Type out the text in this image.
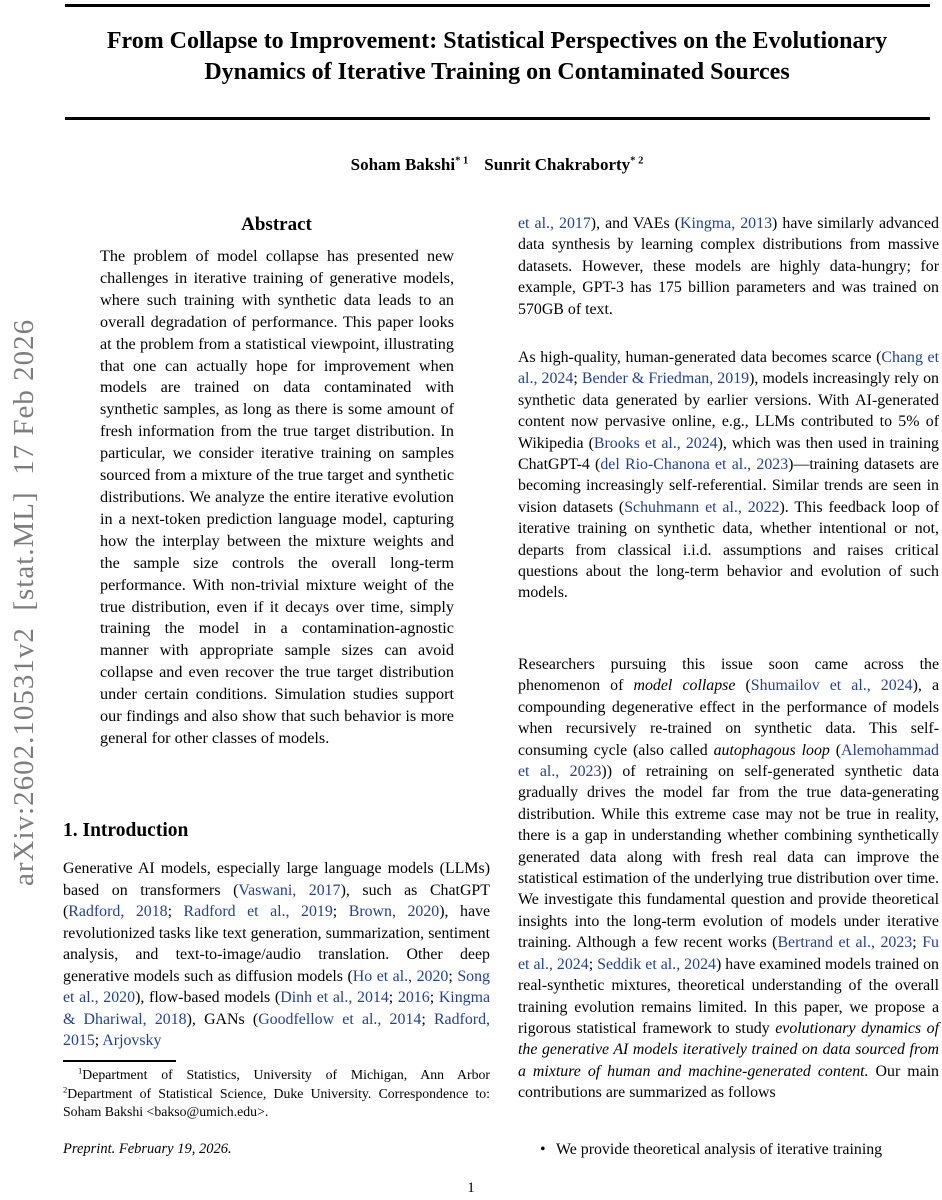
arXiv:2602.10531v2  [stat.ML]  17 Feb 2026
From Collapse to Improvement: Statistical Perspectives on the Evolutionary
Dynamics of Iterative Training on Contaminated Sources
Soham Bakshi$^{* 1}$ Sunrit Chakraborty$^{* 2}$
Abstract
The problem of model collapse has presented new challenges in iterative training of generative models, where such training with synthetic data leads to an overall degradation of performance. This paper looks at the problem from a statistical viewpoint, illustrating that one can actually hope for improvement when models are trained on data contaminated with synthetic samples, as long as there is some amount of fresh information from the true target distribution. In particular, we consider iterative training on samples sourced from a mixture of the true target and synthetic distributions. We analyze the entire iterative evolution in a next-token prediction language model, capturing how the interplay between the mixture weights and the sample size controls the overall long-term performance. With non-trivial mixture weight of the true distribution, even if it decays over time, simply training the model in a contamination-agnostic manner with appropriate sample sizes can avoid collapse and even recover the true target distribution under certain conditions. Simulation studies support our findings and also show that such behavior is more general for other classes of models.
1. Introduction
Generative AI models, especially large language models (LLMs) based on transformers (Vaswani, 2017), such as ChatGPT (Radford, 2018; Radford et al., 2019; Brown, 2020), have revolutionized tasks like text generation, summarization, sentiment analysis, and text-to-image/audio translation. Other deep generative models such as diffusion models (Ho et al., 2020; Song et al., 2020), flow-based models (Dinh et al., 2014; 2016; Kingma & Dhariwal, 2018), GANs (Goodfellow et al., 2014; Radford, 2015; Arjovsky
$^1$Department of Statistics, University of Michigan, Ann Arbor $^2$Department of Statistical Science, Duke University. Correspondence to: Soham Bakshi <bakso@umich.edu>.
Preprint. February 19, 2026.
et al., 2017), and VAEs (Kingma, 2013) have similarly advanced data synthesis by learning complex distributions from massive datasets. However, these models are highly data-hungry; for example, GPT-3 has 175 billion parameters and was trained on 570GB of text.
As high-quality, human-generated data becomes scarce (Chang et al., 2024; Bender & Friedman, 2019), models increasingly rely on synthetic data generated by earlier versions. With AI-generated content now pervasive online, e.g., LLMs contributed to 5% of Wikipedia (Brooks et al., 2024), which was then used in training ChatGPT-4 (del Rio-Chanona et al., 2023)—training datasets are becoming increasingly self-referential. Similar trends are seen in vision datasets (Schuhmann et al., 2022). This feedback loop of iterative training on synthetic data, whether intentional or not, departs from classical i.i.d. assumptions and raises critical questions about the long-term behavior and evolution of such models.
Researchers pursuing this issue soon came across the phenomenon of model collapse (Shumailov et al., 2024), a compounding degenerative effect in the performance of models when recursively re-trained on synthetic data. This self-consuming cycle (also called autophagous loop (Alemohammad et al., 2023)) of retraining on self-generated synthetic data gradually drives the model far from the true data-generating distribution. While this extreme case may not be true in reality, there is a gap in understanding whether combining synthetically generated data along with fresh real data can improve the statistical estimation of the underlying true distribution over time. We investigate this fundamental question and provide theoretical insights into the long-term evolution of models under iterative training. Although a few recent works (Bertrand et al., 2023; Fu et al., 2024; Seddik et al., 2024) have examined models trained on real-synthetic mixtures, theoretical understanding of the overall training evolution remains limited. In this paper, we propose a rigorous statistical framework to study evolutionary dynamics of the generative AI models iteratively trained on data sourced from a mixture of human and machine-generated content. Our main contributions are summarized as follows
• We provide theoretical analysis of iterative training
1
